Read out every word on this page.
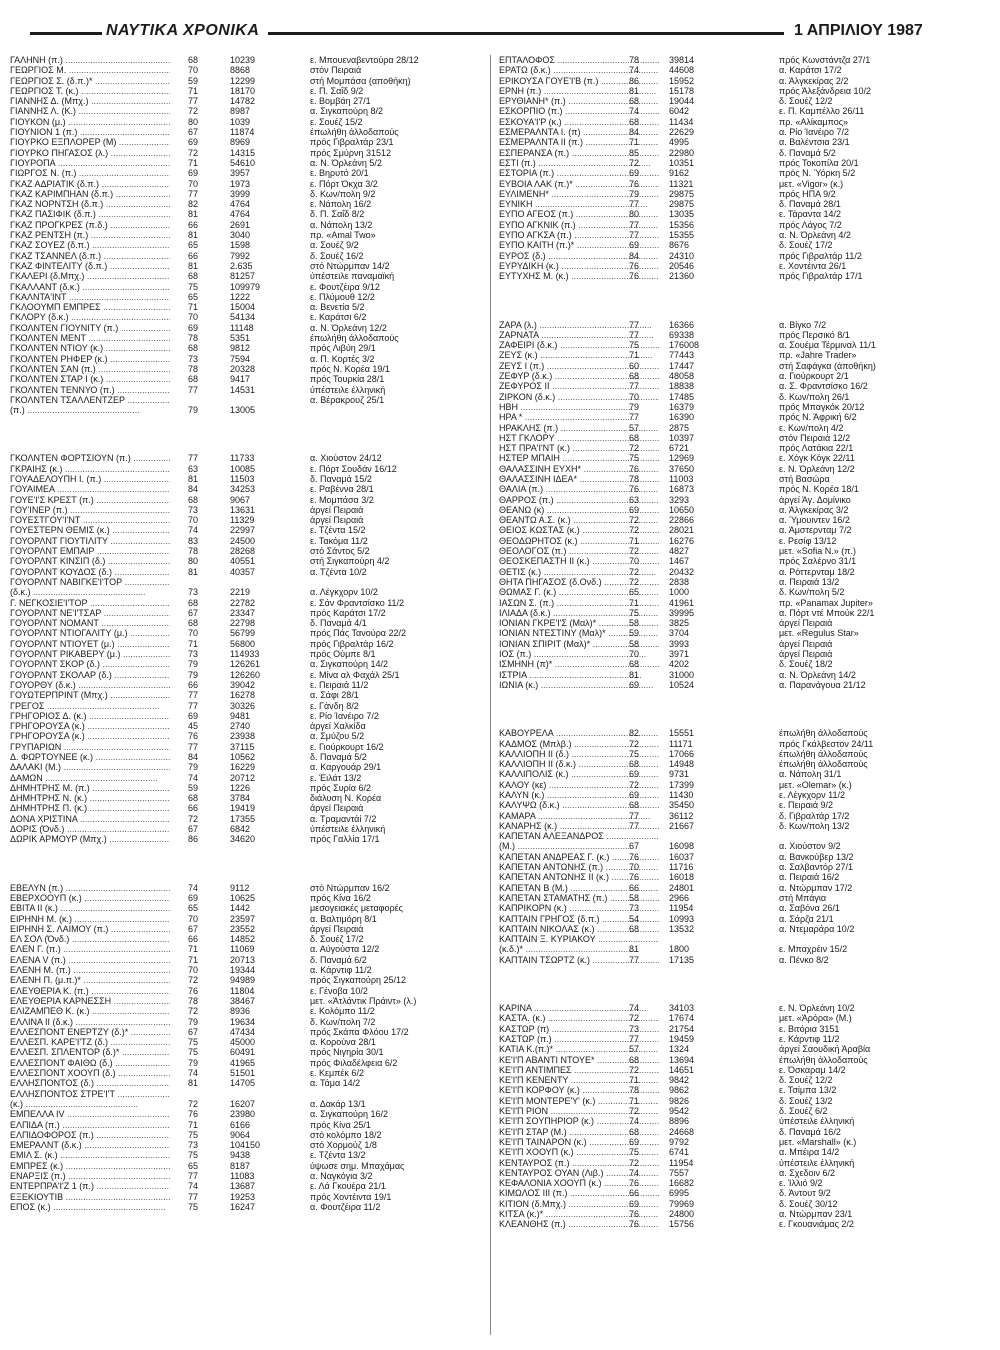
ΝΑΥΤΙΚΑ ΧΡΟΝΙΚΑ	1 ΑΠΡΙΛΙΟΥ 1987
ΓΑΛΗΝΗ (π.) .....	68	10239	ε. Μπουεναβεντούρα 28/12
ΓΕΩΡΓΙΟΣ Μ. .....	70	8868	στόν Πειραιά
ΓΕΩΡΓΙΟΣ Σ. (δ.π.)* .....	59	12299	στή Μομπάσα (αποθήκη)
ΓΕΩΡΓΙΟΣ Τ. (κ.) .....	71	18170	ε. Π. Σαΐδ 9/2
ΓΙΑΝΝΗΣ Δ. (Μπχ.) .....	77	14782	ε. Βομβάη 27/1
ΓΙΑΝΝΗΣ Λ. (Κ.) .....	72	8987	α. Σιγκαπούρη 8/2
ΓΙΟΥΚΟΝ (μ.) .....	80	1039	ε. Σουέζ 15/2
ΓΙΟΥΝΙΟΝ 1 (π.) .....	67	11874	έπωλήθη άλλοδαπούς
ΓΙΟΥΡΚΟ ΕΞΠΛΟΡΕΡ (Μ) .....	69	8969	πρός Γιβραλτάρ 23/1
ΓΙΟΥΡΚΟ ΠΗΓΑΣΟΣ (λ.) .....	72	14315	πρός Σμύρνη 31512
ΓΙΟΥΡΟΠΑ .....	71	54610	α. Ν. Όρλεάνη 5/2
ΓΙΩΡΓΟΣ Ν. (π.) .....	69	3957	ε. Βηρυτό 20/1
ΓΚΑΖ ΑΔΡΙΑΤΙΚ (δ.π.) .....	70	1973	ε. Πόρτ Όκχα 3/2
ΓΚΑΖ ΚΑΡΙΜΠΗΑΝ (δ.π.) .....	77	3999	δ. Κων/πολη 9/2
ΓΚΑΖ ΝΟΡΝΤΣΗ (δ.π.) .....	82	4764	ε. Νάπολη 16/2
ΓΚΑΖ ΠΑΣΙΦΙΚ (δ.π.) .....	81	4764	δ. Π. Σαΐδ 8/2
ΓΚΑΖ ΠΡΟΓΚΡΕΣ (π.δ.) .....	66	2691	α. Νάπολη 13/2
ΓΚΑΖ ΡΕΝΤΣΗ (π.) .....	81	3040	πρ. «Amal Two»
ΓΚΑΖ ΣΟΥΕΖ (δ.π.) .....	65	1598	α. Σουέζ 9/2
ΓΚΑΖ ΤΣΑΝΝΕΛ (δ.π.) .....	66	7992	δ. Σουέζ 16/2
ΓΚΑΖ ΦΙΝΤΕΛΙΤΥ (δ.π.) .....	81	2.635	στό Ντώρμπαν 14/2
ΓΚΑΛΕΡΙ (δ.Μπχ.) .....	68	81257	ύπέστειλε παναμαϊκή
ΓΚΑΛΛΑΝΤ (δ.κ.) .....	75	109979	ε. Φουτζέιρα 9/12
ΓΚΑΛΝΤΑ'ΙΝΤ .....	65	1222	ε. Πλύμουθ 12/2
ΓΚΛΟΟΥΜΠ ΕΜΠΡΕΣ .....	71	15004	α. Βενετία 5/2
ΓΚΛΟΡΥ (δ.κ.) .....	70	54134	ε. Καράτσι 6/2
ΓΚΟΛΝΤΕΝ ΓΙΟΥΝΙΤΥ (π.) .....	69	11148	α. Ν. Όρλεάνη 12/2
ΓΚΟΛΝΤΕΝ ΜΕΝΤ .....	78	5351	έπωλήθη άλλοδαπούς
ΓΚΟΛΝΤΕΝ ΝΤΙΟΥ (κ.) .....	68	9812	πρός Λιβύη 29/1
ΓΚΟΛΝΤΕΝ ΡΗΦΕΡ (κ.) .....	73	7594	α. Π. Κορτές 3/2
ΓΚΟΛΝΤΕΝ ΣΑΝ (π.) .....	78	20328	πρός Ν. Κορέα 19/1
ΓΚΟΛΝΤΕΝ ΣΤΑΡ Ι (κ.) .....	68	9417	πρός Τουρκία 28/1
ΓΚΟΛΝΤΕΝ ΤΕΝΝΥΟ (π.) .....	77	14531	ύπέστειλε έλληνική
ΓΚΟΛΝΤΕΝ ΤΣΑΛΛΕΝΤΖΕΡ .....	α. Βέρακρουζ 25/1
(π.) .....	79	13005
ΓΚΟΛΝΤΕΝ ΦΟΡΤΣΙΟΥΝ (π.) .....	77	11733	α. Χιούστον 24/12
ΓΚΡΑΙΗΣ (κ.) .....	63	10085	ε. Πόρτ Σουδάν 16/12
ΓΟΥΑΔΕΛΟΥΠΗ Ι. (π.) .....	81	11503	δ. Παναμά 15/2
ΓΟΥΑΙΜΕΑ .....	84	34253	ε. Ραβέννα 28/1
ΓΟΥΕ'Ι'Σ ΚΡΕΣΤ (π.) .....	68	9067	ε. Μομπάσα 3/2
ΓΟΥ'ΙΝΕΡ (π.) .....	73	13631	άργεί Πειραιά
ΓΟΥΕΣΤΓΟΥ'Ι'ΝΤ .....	70	11329	άργεί Πειραιά
ΓΟΥΕΣΤΕΡΝ ΘΕΜΙΣ (κ.) .....	74	22997	ε. Τζέντα 15/2
ΓΟΥΟΡΛΝΤ ΓΙΟΥΤΙΛΙΤΥ .....	83	24500	ε. Τακόμα 11/2
ΓΟΥΟΡΛΝΤ ΕΜΠΑΙΡ .....	78	28268	στό Σάντος 5/2
ΓΟΥΟΡΛΝΤ ΚΙΝΣΙΠ (δ.) .....	80	40551	στή Σιγκαπούρη 4/2
ΓΟΥΟΡΛΝΤ ΚΟΥΔΟΣ (δ.) .....	81	40357	α. Τζέντα 10/2
ΓΟΥΟΡΛΝΤ ΝΑΒΙΓΚΕ'Ι'ΤΟΡ .....
(δ.κ.) .....	73	2219	α. Λέγκχορν 10/2
Γ. ΝΕΓΚΟΣΙΕ'Ι'ΤΟΡ .....	68	22782	ε. Σάν Φραντσίσκο 11/2
ΓΟΥΟΡΛΝΤ ΝΕ'Ι'ΤΣΑΡ .....	67	23347	πρός Καράτσι 17/2
ΓΟΥΟΡΛΝΤ ΝΟΜΑΝΤ .....	68	22798	δ. Παναμά 4/1
ΓΟΥΟΡΛΝΤ ΝΤΙΟΓΑΛΙΤΥ (μ.) .....	70	56799	πρός Πάς Τανούρα 22/2
ΓΟΥΟΡΛΝΤ ΝΤΙΟΥΕΤ (μ.) .....	71	56800	πρός Γιβραλτάρ 16/2
ΓΟΥΟΡΛΝΤ ΡΙΚΑΒΕΡΥ (μ.) .....	73	114933	πρός Ούμπε 8/1
ΓΟΥΟΡΛΝΤ ΣΚΟΡ (δ.) .....	79	126261	α. Σιγκαπούρη 14/2
ΓΟΥΟΡΛΝΤ ΣΚΟΛΑΡ (δ.) .....	79	126260	ε. Μίνα αλ Φαχάλ 25/1
ΓΟΥΟΡΘΥ (δ.κ.) .....	66	39042	ε. Πειραιά 11/2
ΓΟΥΩΤΕΡΠΡΙΝΤ (Μπχ.) .....	77	16278	α. Σάφι 28/1
ΓΡΕΓΟΣ .....	77	30326	ε. Γάνδη 8/2
ΓΡΗΓΟΡΙΟΣ Δ. (κ.) .....	69	9481	ε. Ρίο Ίανέιρο 7/2
ΓΡΗΓΟΡΟΥΣΑ (κ.) .....	45	2740	άργεί Χαλκίδα
ΓΡΗΓΟΡΟΥΣΑ (κ.) .....	76	23938	α. Σμύζου 5/2
ΓΡΥΠΑΡΙΩΝ .....	77	37115	ε. Γιούρκουρτ 16/2
Δ. ΦΩΡΤΟΥΝΕΕ (κ.) .....	84	10562	δ. Παναμά 5/2
ΔΑΛΑΚΙ (Μ.) .....	79	16229	α. Καργουάρ 29/1
ΔΑΜΩΝ .....	74	20712	ε. Έιλάτ 13/2
ΔΗΜΗΤΡΗΣ Μ. (π.) .....	59	1226	πρός Συρία 6/2
ΔΗΜΗΤΡΗΣ Ν. (κ.) .....	68	3784	διάλυση Ν. Κορέα
ΔΗΜΗΤΡΗΣ Π. (κ.) .....	66	19419	άργεί Πειραιά
ΔΟΝΑ ΧΡΙΣΤΙΝΑ .....	72	17355	α. Τραμαντάί 7/2
ΔΟΡΙΣ (Όνδ.) .....	67	6842	ύπέστειλε έλληνική
ΔΩΡΙΚ ΑΡΜΟΥΡ (Μπχ.) .....	86	34620	πρός Γαλλία 17/1
ΕΒΕΛΥΝ (π.) .....	74	9112	στό Ντώρμπαν 16/2
ΕΒΕΡΧΟΟΥΠ (κ.) .....	69	10625	πρός Κίνα 16/2
ΕΒΙΤΑ ΙΙ (κ.) .....	65	1442	μεσογειακές μεταφορές
ΕΙΡΗΝΗ Μ. (κ.) .....	70	23597	α. Βαλτιμόρη 8/1
ΕΙΡΗΝΗ Σ. ΛΑΙΜΟΥ (π.) .....	67	23552	άργεί Πειραιά
ΕΛ ΣΟΛ (Όνδ.) .....	66	14852	δ. Σουέζ 17/2
ΕΛΕΝ Γ. (π.) .....	71	11069	α. Αύγούστα 12/2
ΕΛΕΝΑ V (π.) .....	71	20713	δ. Παναμά 6/2
ΕΛΕΝΗ Μ. (π.) .....	70	19344	α. Κάρντιφ 11/2
ΕΛΕΝΗ Π. (μ.π.)* .....	72	94989	πρός Σιγκαπούρη 25/12
ΕΛΕΥΘΕΡΙΑ Κ. (π.) .....	76	11804	ε. Γένοβα 10/2
ΕΛΕΥΘΕΡΙΑ ΚΑΡΝΕΣΣΗ .....	78	38467	μετ. «Άτλάντικ Πράιντ» (λ.)
ΕΛΙΖΑΜΠΕΘ Κ. (κ.) .....	72	8936	ε. Κολόμπο 11/2
ΕΛΛΙΝΑ ΙΙ (δ.κ.) .....	79	19634	δ. Κων/πολη 7/2
ΕΛΛΕΣΠΟΝΤ ΕΝΕΡΤΖΥ (δ.)* .....	67	47434	πρός Σκάπα Φλόου 17/2
ΕΛΛΕΣΠ. ΚΑΡΕ'Ι'ΤΖ (δ.) .....	75	45000	α. Κορούνα 28/1
ΕΛΛΕΣΠ. ΣΠΛΕΝΤΟΡ (δ.)* .....	75	60491	πρός Νιγηρία 30/1
ΕΛΛΕΣΠΟΝΤ ΦΑΙΘΩ (δ.) .....	79	41965	πρός Φιλαδέλφεια 6/2
ΕΛΛΕΣΠΟΝΤ ΧΟΟΥΠ (δ.) .....	74	51501	ε. Κεμπέκ 6/2
ΕΛΛΗΣΠΟΝΤΟΣ (δ.) .....	81	14705	α. Τάμα 14/2
ΕΛΛΗΣΠΟΝΤΟΣ ΣΤΡΕ'Ι'Τ .....
(κ.) .....	72	16207	α. Δακάρ 13/1
ΕΜΠΕΛΛΑ IV .....	76	23980	α. Σιγκαπούρη 16/2
ΕΛΠΙΔΑ (π.) .....	71	6166	πρός Κίνα 25/1
ΕΛΠΙΔΟΦΟΡΟΣ (π.) .....	75	9064	στό κολόμπο 18/2
ΕΜΕΡΑΛΝΤ (δ.κ.) .....	73	104150	στό Χορμούζ 1/8
ΕΜΙΛ Σ. (κ.) .....	75	9438	ε. Τζέντα 13/2
ΕΜΠΡΕΣ (κ.) .....	65	8187	ύψωσε σημ. Μπαχάμας
ΕΝΑΡΞΙΣ (π.) .....	77	11083	α. Ναγκόγια 3/2
ΕΝΤΕΡΠΡΑ'Ι'Ζ 1 (π.) .....	74	13687	ε. Λά Γκουέρα 21/1
ΕΞΕΚΙΟΥΤΙΒ .....	77	19253	πρός Χοντέιντα 19/1
ΕΠΟΣ (κ.) .....	75	16247	α. Φουτζέιρα 11/2
ΕΠΤΑΛΟΦΟΣ .....	78	39814	πρός Κωνστάντζα 27/1
ΕΡΑΤΩ (δ.κ.) .....	74	44608	α. Καράτσι 17/2
ΕΡΙΚΟΥΣΑ ΓΟΥΕ'Ι'Β (π.) .....	86	15952	α. Άλγκεκίρας 2/2
ΕΡΝΗ (π.) .....	81	15178	πρός Άλεξάνδρεια 10/2
ΕΡΥΘΙΑΝΗ* (π.) .....	68	19044	δ. Σουέζ 12/2
ΕΣΚΟΡΠΙΟ (π.) .....	74	6042	ε. Π. Καμπέλλο 26/11
ΕΣΚΟΥΑ'Ι'Ρ (κ.) .....	68	11434	πρ. «Αλίκαμπος»
ΕΣΜΕΡΑΛΝΤΑ Ι. (π) .....	84	22629	α. Ρίο Ίανέιρο 7/2
ΕΣΜΕΡΑΛΝΤΑ ΙΙ (π.) .....	71	4995	α. Βαλέντσια 23/1
ΕΣΠΕΡΑΝΣΑ (π.) .....	85	22980	δ. Παναμά 5/2
ΕΣΤΙ (π.) .....	72	10351	πρός Τοκοπίλα 20/1
ΕΣΤΟΡΙΑ (π.) .....	69	9162	πρός Ν. Ύόρκη 5/2
ΕΥΒΟΙΑ ΛΑΚ (π.)* .....	76	11321	μετ. «Vigor» (κ.)
ΕΥΛΙΜΕΝΗ* .....	79	29875	πρός ΗΠΑ 9/2
ΕΥΝΙΚΗ .....	77	29875	δ. Παναμά 28/1
ΕΥΠΟ ΑΓΕΟΣ (π.) .....	80	13035	ε. Τάραντα 14/2
ΕΥΠΟ ΑΓΚΝΙΚ (π.) .....	77	15356	πρός Λάγος 7/2
ΕΥΠΟ ΑΓΚΣΑ (π.) .....	77	15355	α. Ν. Όρλεάνη 4/2
ΕΥΠΟ ΚΑΙΤΗ (π.)* .....	69	8676	δ. Σουέζ 17/2
ΕΥΡΟΣ (δ.) .....	84	24310	πρός Γιβραλτάρ 11/2
ΕΥΡΥΔΙΚΗ (κ.) .....	76	20546	ε. Χοντέιντα 26/1
ΕΥΤΥΧΗΣ Μ. (κ.) .....	76	21360	πρός Γιβραλτάρ 17/1
ΖΑΡΑ (λ.) .....	77	16366	α. Βίγκο 7/2
ΖΑΡΝΑΤΑ .....	77	69338	πρός Περσικό 8/1
ΖΑΦΕΙΡΙ (δ.κ.) .....	75	176008	α. Σουέμα Τέρμιναλ 11/1
ΖΕΥΣ (κ.) .....	71	77443	πρ. «Jahre Trader»
ΖΕΥΣ Ι (π.) .....	60	17447	στή Σαφάγκα (άποθήκη)
ΖΕΦΥΡ (δ.κ.) .....	68	48058	α. Γιούρκουρτ 2/1
ΖΕΦΥΡΟΣ ΙΙ .....	77	18838	α. Σ. Φραντσίσκο 16/2
ΖΙΡΚΟΝ (δ.κ.) .....	70	17485	δ. Κων/πολη 26/1
ΗΒΗ .....	79	16379	πρός Μπαγκόκ 20/12
ΗΡΑ * .....	77	16390	πρός Ν. Άφρική 6/2
ΗΡΑΚΛΗΣ (π.) .....	57	2875	ε. Κων/πολη 4/2
ΗΣΤ ΓΚΛΟΡΥ .....	68	10397	στόν Πειραιά 12/2
ΗΣΤ ΠΡΑ'Ι'ΝΤ (κ.) .....	72	6721	πρός Λατάκια 22/1
ΗΣΤΕΡ ΜΠΑΙΗ .....	75	12969	ε. Χόγκ Κόγκ 22/11
ΘΑΛΑΣΣΙΝΗ ΕΥΧΗ* .....	76	37650	ε. Ν. Όρλεάνη 12/2
ΘΑΛΑΣΣΙΝΗ ΙΔΕΑ* .....	78	11003	στή Βασώρα
ΘΑΛΙΑ (π.) .....	76	16873	πρός Ν. Κορέα 18/1
ΘΑΡΡΟΣ (π.) .....	63	3293	άργεί Άγ. Δομίνικο
ΘΕΑΝΩ (κ) .....	69	10650	α. Άλγκεκίρας 3/2
ΘΕΑΝΤΩ Α.Σ. (κ.) .....	72	22866	α. Ύμουιντεν 16/2
ΘΕΙΟΣ ΚΩΣΤΑΣ (κ.) .....	72	28021	α. Άμστερνταμ 7/2
ΘΕΟΔΩΡΗΤΟΣ (κ.) .....	71	16276	ε. Ρεσίφ 13/12
ΘΕΟΛΟΓΟΣ (π.) .....	72	4827	μετ. «Sofia N.» (π.)
ΘΕΟΣΚΕΠΑΣΤΗ ΙΙ (κ.) .....	70	1467	πρός Σαλέρνο 31/1
ΘΕΤΙΣ (κ.) .....	72	20432	α. Ρόττερνταμ 18/2
ΘΗΤΑ ΠΗΓΑΣΟΣ (δ.Ονδ.) .....	72	2838	α. Πειραιά 13/2
ΘΩΜΑΣ Γ. (κ.) .....	65	1000	δ. Κων/πολη 5/2
ΙΑΣΩΝ Σ. (π.) .....	71	41961	πρ. «Panamax Jupiter»
ΙΛΙΑΔΑ (δ.κ.) .....	75	39995	α. Πόρτ ντέ Μπούκ 22/1
ΙΟΝΙΑΝ ΓΚΡΕ'Ι'Σ (Μαλ)* .....	58	3825	άργεί Πειραιά
ΙΟΝΙΑΝ ΝΤΕΣΤΙΝΥ (Μαλ)* .....	59	3704	μετ. «Regulus Star»
ΙΟΝΙΑΝ ΣΠΙΡΙΤ (Μαλ)* .....	58	3993	άργεί Πειραιά
ΙΟΣ (π.) .....	70	3971	άργεί Πειραιά
ΙΣΜΗΝΗ (π)* .....	68	4202	δ. Σουέζ 18/2
ΙΣΤΡΙΑ .....	81	31000	α. Ν. Όρλεάνη 14/2
ΙΩΝΙΑ (κ.) .....	69	10524	α. Παρανάγουα 21/12
ΚΑΒΟΥΡΕΛΑ .....	82	15551	έπωλήθη άλλοδαπούς
ΚΑΔΜΟΣ (Μπλβ.) .....	72	11171	πρός Γκάλβεστον 24/11
ΚΑΛΛΙΟΠΗ ΙΙ (δ.) .....	75	17066	έπωλήθη άλλοδαπούς
ΚΑΛΛΙΟΠΗ ΙΙ (δ.κ.) .....	68	14948	έπωλήθη άλλοδαπούς
ΚΑΛΛΙΠΟΛΙΣ (κ.) .....	69	9731	α. Νάπολη 31/1
ΚΑΛΟΥ (κε) .....	72	17399	μετ. «Olemar» (κ.)
ΚΑΛΥΝ (κ.) .....	69	11430	ε. Λέγκχορν 11/2
ΚΑΛΥΨΩ (δ.κ.) .....	68	35450	ε. Πειραιά 9/2
ΚΑΜΑΡΑ .....	77	36112	δ. Γιβραλτάρ 17/2
ΚΑΝΑΡΗΣ (κ.) .....	77	21667	δ. Κων/πολη 13/2
ΚΑΠΕΤΑΝ ΑΛΕΞΑΝΔΡΟΣ .....
(Μ.) .....	67	16098	α. Χιούστον 9/2
ΚΑΠΕΤΑΝ ΑΝΔΡΕΑΣ Γ. (κ.) .....	76	16037	α. Βανκούβερ 13/2
ΚΑΠΕΤΑΝ ΑΝΤΩΝΗΣ (π.) .....	70	11716	α. Σαλβαντόρ 27/1
ΚΑΠΕΤΑΝ ΑΝΤΩΝΗΣ ΙΙ (κ.) .....	76	16018	α. Πειραιά 16/2
ΚΑΠΕΤΑΝ Β (Μ.) .....	66	24801	α. Ντώρμπαν 17/2
ΚΑΠΕΤΑΝ ΣΤΑΜΑΤΗΣ (π.) .....	58	2966	στή Μπάγια
ΚΑΠΡΙΚΟΡΝ (κ.) .....	73	11954	α. Σαβόνα 26/1
ΚΑΠΤΑΙΝ ΓΡΗΓΟΣ (δ.π.) .....	54	10993	α. Σάρζα 21/1
ΚΑΠΤΑΙΝ ΝΙΚΟΛΑΣ (κ.) .....	68	13532	α. Ντεμαράρα 10/2
ΚΑΠΤΑΙΝ Ξ. ΚΥΡΙΑΚΟΥ .....
(κ.δ.)* .....	81	1800	ε. Μπαχρέιν 15/2
ΚΑΠΤΑΙΝ ΤΣΩΡΤΖ (κ.) .....	77	17135	α. Πένκο 8/2
ΚΑΡΙΝΑ .....	74	34103	ε. Ν. Όρλεάνη 10/2
ΚΑΣΤΑ. (κ.) .....	72	17674	μετ. «Άρόρα» (Μ.)
ΚΑΣΤΩΡ (π) .....	73	21754	ε. Βιτόρια 3151
ΚΑΣΤΩΡ (π.) .....	77	19459	ε. Κάρντιφ 11/2
ΚΑΤΙΑ Κ.(π.)* .....	57	1324	άργεί Σαουδική Άραβία
ΚΕ'Ι'Π ΑΒΑΝΤΙ ΝΤΟΥΕ* .....	68	13694	έπωλήθη άλλοδαπούς
ΚΕ'Ι'Π ΑΝΤΙΜΠΕΣ .....	72	14651	ε. Όσκαραμ 14/2
ΚΕ'Ι'Π ΚΕΝΕΝΤΥ .....	71	9842	δ. Σουέζ 12/2
ΚΕ'Ι'Π ΚΟΡΦΟΥ (κ.) .....	78	9862	ε. Τσίμπα 13/2
ΚΕ'Ι'Π ΜΟΝΤΕΡΕ'Υ' (κ.) .....	71	9826	δ. Σουέζ 13/2
ΚΕ'Ι'Π ΡΙΟΝ .....	72	9542	δ. Σουέζ 6/2
ΚΕ'Ι'Π ΣΟΥΠΗΡΙΟΡ (κ.) .....	74	8896	ύπέστειλε έλληνική
ΚΕ'Ι'Π ΣΤΑΡ (Μ.) .....	68	24668	δ. Παναμά 16/2
ΚΕ'Ι'Π ΤΑΙΝΑΡΟΝ (κ.) .....	69	9792	μετ. «Marshall» (κ.)
ΚΕ'Ι'Π ΧΟΟΥΠ (κ.) .....	75	6741	α. Μπέιρα 14/2
ΚΕΝΤΑΥΡΟΣ (π.) .....	72	11954	ύπέστειλε έλληνική
ΚΕΝΤΑΥΡΟΣ ΟΥΑΝ (Λιβ.) .....	74	7557	α. Σχεδοιν 6/2
ΚΕΦΑΛΟΝΙΑ ΧΟΟΥΠ (κ.) .....	76	16682	ε. Ίλλιό 9/2
ΚΙΜΩΛΟΣ ΙΙΙ (π.) .....	66	6995	δ. Άντουτ 9/2
ΚΙΤΙΟΝ (δ.Μπχ.) .....	69	79969	δ. Σουέζ 30/12
ΚΙΤΣΑ (κ.)* .....	76	24800	α. Ντώρμπαν 23/1
ΚΛΕΑΝΘΗΣ (π.) .....	76	15756	ε. Γκουανιάμας 2/2
